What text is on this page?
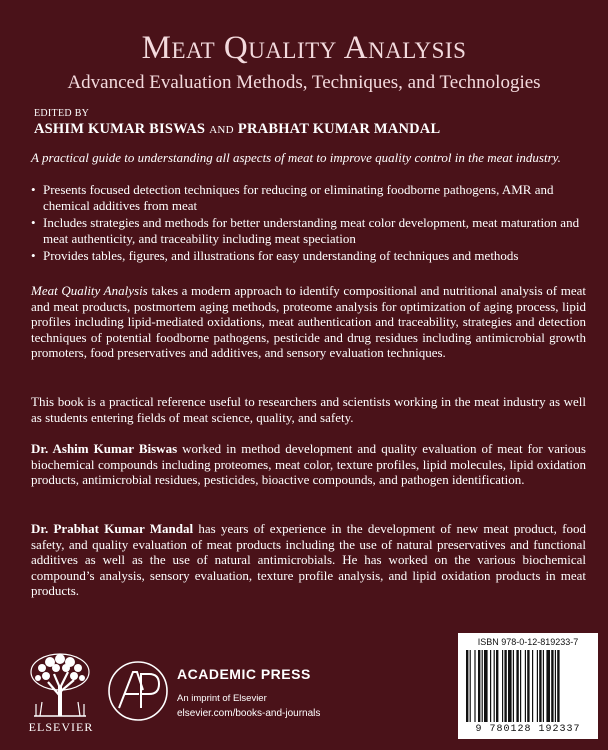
Meat Quality Analysis
Advanced Evaluation Methods, Techniques, and Technologies
EDITED BY
ASHIM KUMAR BISWAS AND PRABHAT KUMAR MANDAL
A practical guide to understanding all aspects of meat to improve quality control in the meat industry.
• Presents focused detection techniques for reducing or eliminating foodborne pathogens, AMR and chemical additives from meat
• Includes strategies and methods for better understanding meat color development, meat maturation and meat authenticity, and traceability including meat speciation
• Provides tables, figures, and illustrations for easy understanding of techniques and methods
Meat Quality Analysis takes a modern approach to identify compositional and nutritional analysis of meat and meat products, postmortem aging methods, proteome analysis for optimization of aging process, lipid profiles including lipid-mediated oxidations, meat authentication and traceability, strategies and detection techniques of potential foodborne pathogens, pesticide and drug residues including antimicrobial growth promoters, food preservatives and additives, and sensory evaluation techniques.
This book is a practical reference useful to researchers and scientists working in the meat industry as well as students entering fields of meat science, quality, and safety.
Dr. Ashim Kumar Biswas worked in method development and quality evaluation of meat for various biochemical compounds including proteomes, meat color, texture profiles, lipid molecules, lipid oxidation products, antimicrobial residues, pesticides, bioactive compounds, and pathogen identification.
Dr. Prabhat Kumar Mandal has years of experience in the development of new meat product, food safety, and quality evaluation of meat products including the use of natural preservatives and functional additives as well as the use of natural antimicrobials. He has worked on the various biochemical compound’s analysis, sensory evaluation, texture profile analysis, and lipid oxidation products in meat products.
ELSEVIER
ACADEMIC PRESS
An imprint of Elsevier
elsevier.com/books-and-journals
ISBN 978-0-12-819233-7
9 780128 192337
